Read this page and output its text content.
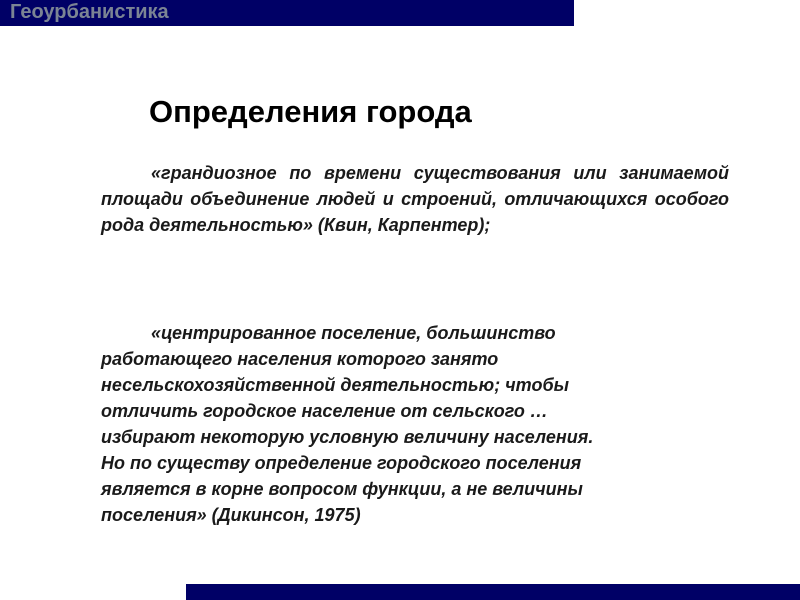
Геоурбанистика
Определения города

«грандиозное по времени существования или занимаемой площади объединение людей и строений, отличающихся особого рода деятельностью» (Квин, Карпентер);

«центрированное поселение, большинствоработающего населения которого занятонесельскохозяйственной деятельностью; чтобыотличить городское население от сельского …избирают некоторую условную величину населения.Но по существу определение городского поселенияявляется в корне вопросом функции, а не величиныпоселения» (Дикинсон, 1975)
